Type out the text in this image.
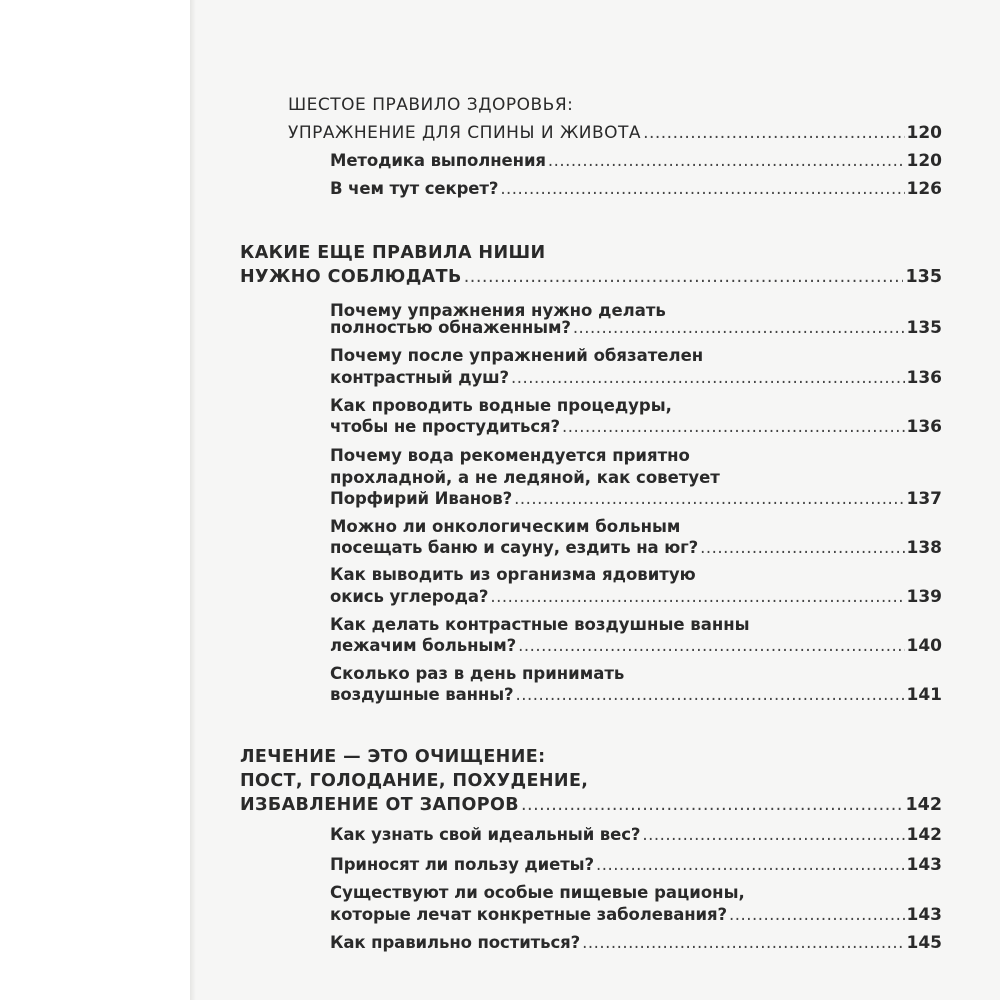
ШЕСТОЕ ПРАВИЛО ЗДОРОВЬЯ:
УПРАЖНЕНИЕ ДЛЯ СПИНЫ И ЖИВОТА .....	120
Методика выполнения .....	120
В чем тут секрет? .....	126
КАКИЕ ЕЩЕ ПРАВИЛА НИШИ
НУЖНО СОБЛЮДАТЬ .....	135
Почему упражнения нужно делать
полностью обнаженным? .....	135
Почему после упражнений обязателен
контрастный душ? .....	136
Как проводить водные процедуры,
чтобы не простудиться? .....	136
Почему вода рекомендуется приятно
прохладной, а не ледяной, как советует
Порфирий Иванов? .....	137
Можно ли онкологическим больным
посещать баню и сауну, ездить на юг? .....	138
Как выводить из организма ядовитую
окись углерода? .....	139
Как делать контрастные воздушные ванны
лежачим больным? .....	140
Сколько раз в день принимать
воздушные ванны? .....	141
ЛЕЧЕНИЕ — ЭТО ОЧИЩЕНИЕ:
ПОСТ, ГОЛОДАНИЕ, ПОХУДЕНИЕ,
ИЗБАВЛЕНИЕ ОТ ЗАПОРОВ .....	142
Как узнать свой идеальный вес? .....	142
Приносят ли пользу диеты? .....	143
Существуют ли особые пищевые рационы,
которые лечат конкретные заболевания? .....	143
Как правильно поститься? .....	145
